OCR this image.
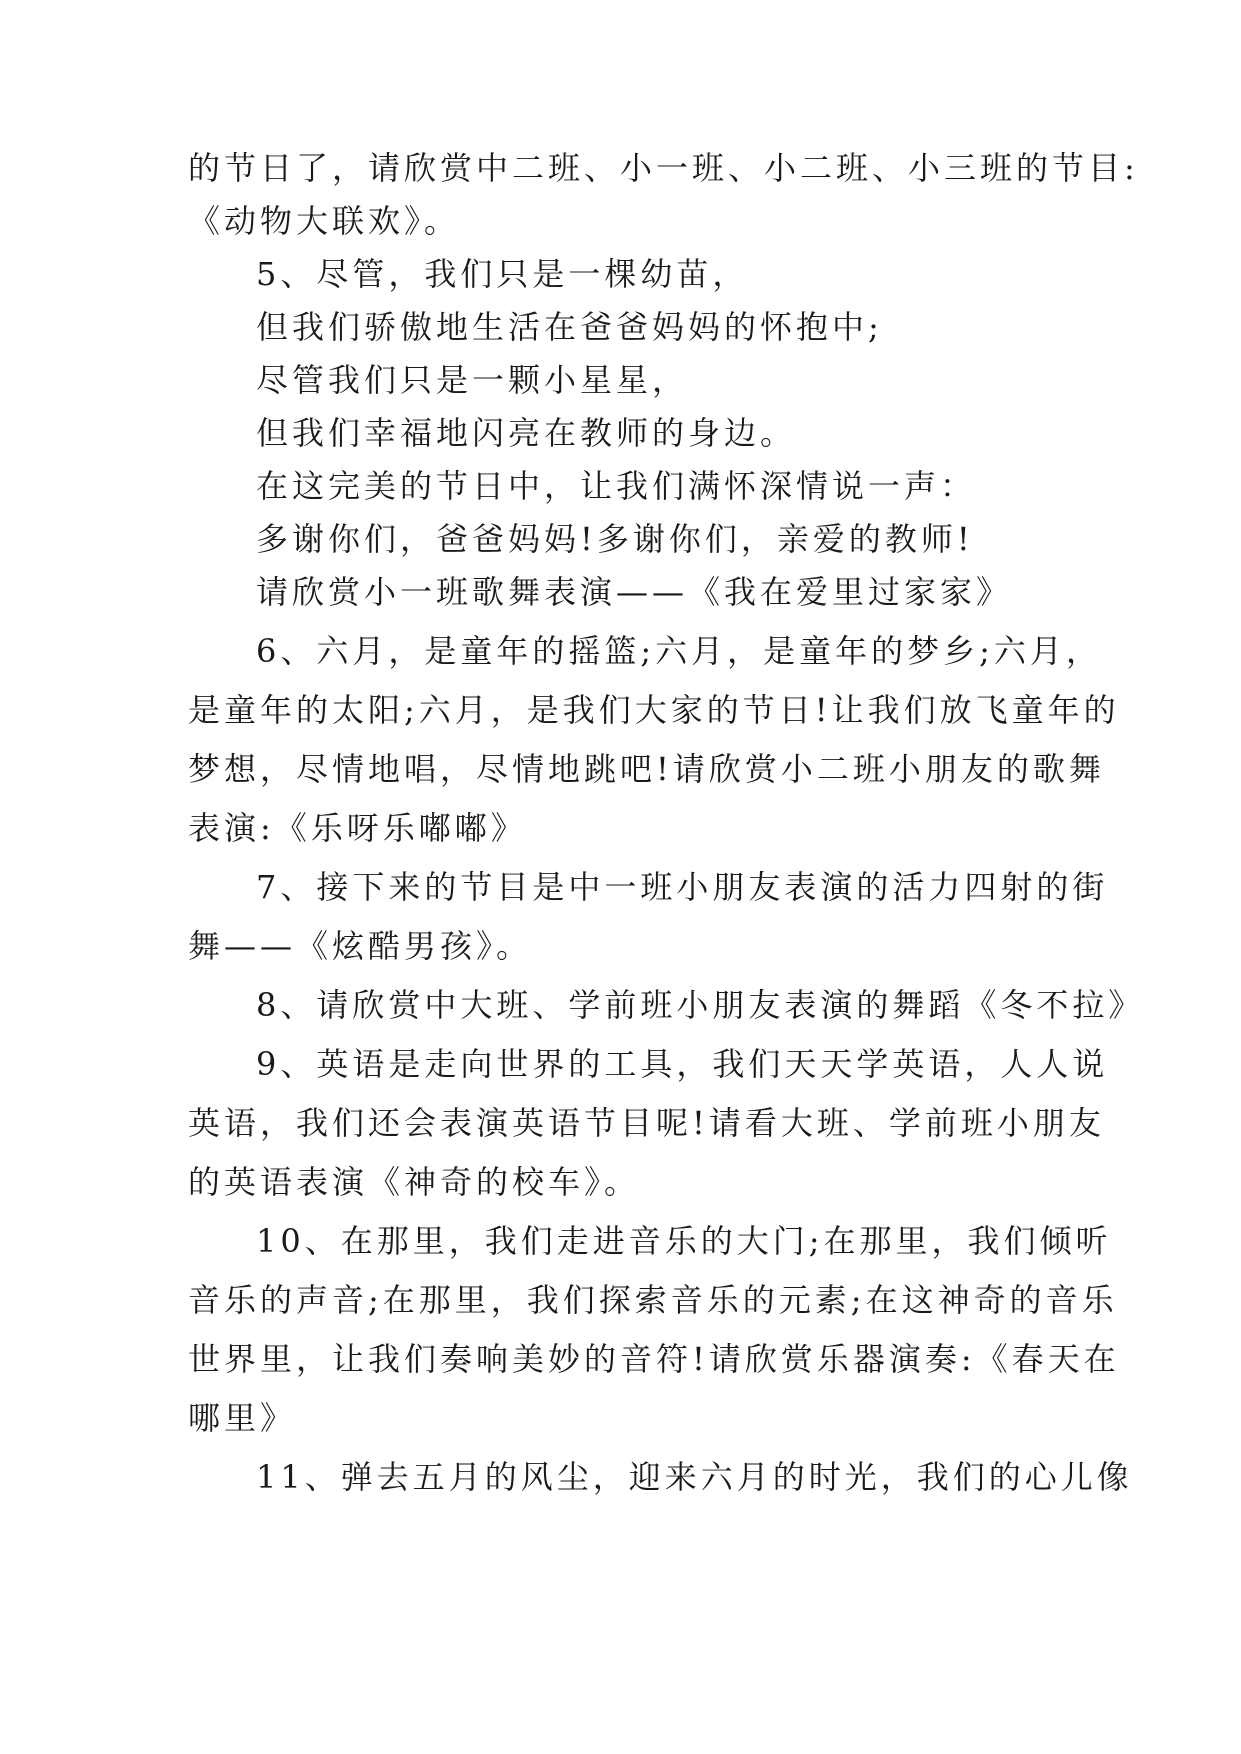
的节日了，请欣赏中二班、小一班、小二班、小三班的节目:
《动物大联欢》。
5、尽管，我们只是一棵幼苗，
但我们骄傲地生活在爸爸妈妈的怀抱中;
尽管我们只是一颗小星星，
但我们幸福地闪亮在教师的身边。
在这完美的节日中，让我们满怀深情说一声：
多谢你们，爸爸妈妈!多谢你们，亲爱的教师!
请欣赏小一班歌舞表演——《我在爱里过家家》
6、六月，是童年的摇篮;六月，是童年的梦乡;六月，
是童年的太阳;六月，是我们大家的节日!让我们放飞童年的
梦想，尽情地唱，尽情地跳吧!请欣赏小二班小朋友的歌舞
表演:《乐呀乐嘟嘟》
7、接下来的节目是中一班小朋友表演的活力四射的街
舞——《炫酷男孩》。
8、请欣赏中大班、学前班小朋友表演的舞蹈《冬不拉》
9、英语是走向世界的工具，我们天天学英语，人人说
英语，我们还会表演英语节目呢!请看大班、学前班小朋友
的英语表演《神奇的校车》。
10、在那里，我们走进音乐的大门;在那里，我们倾听
音乐的声音;在那里，我们探索音乐的元素;在这神奇的音乐
世界里，让我们奏响美妙的音符!请欣赏乐器演奏:《春天在
哪里》
11、弹去五月的风尘，迎来六月的时光，我们的心儿像
